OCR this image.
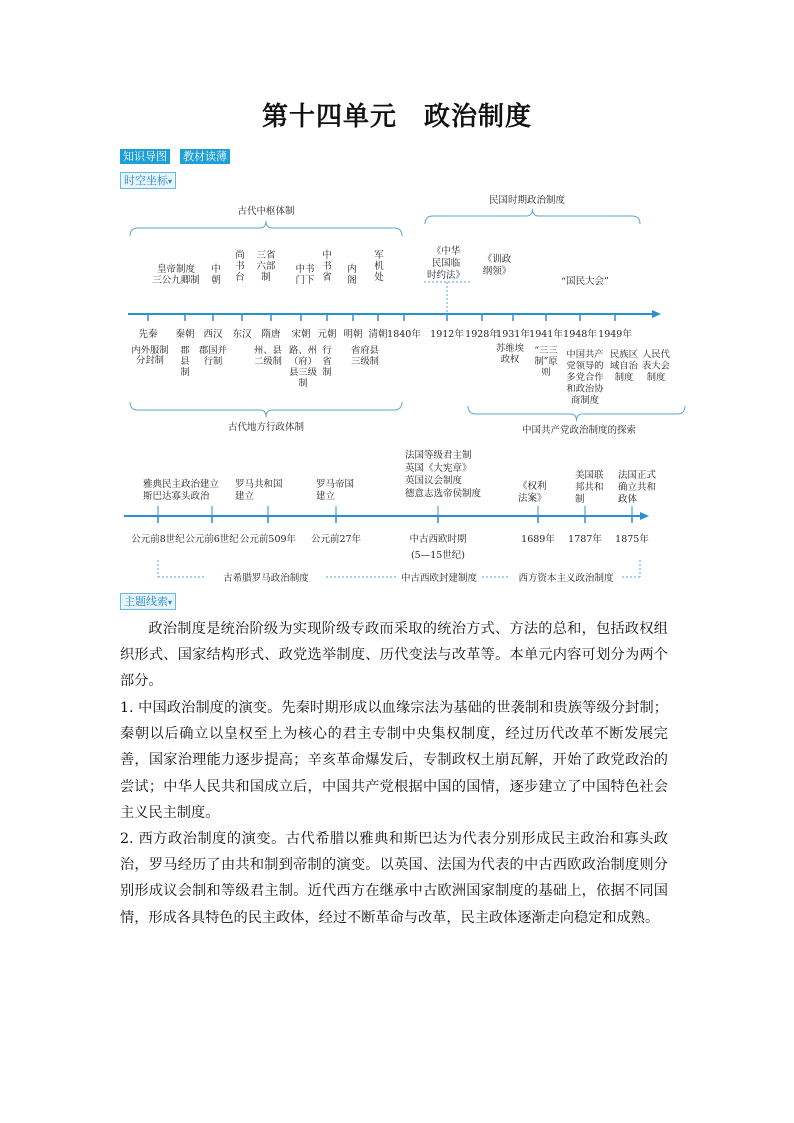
第十四单元　政治制度
知识导图 教材读薄
时空坐标▾
先秦 秦朝 西汉 东汉 隋唐 宋朝 元朝 明朝 清朝 1840年 1912年 1928年
1931年 1941年 1948年 1949年
古代中枢体制
民国时期政治制度
皇帝制度
三公九卿制
中
朝
尚
书
台
三省
六部
制
中书
门下
中
书
省
内
阁
军
机
处
《中华
民国临
时约法》
《训政
纲领》
“国民大会”
内外服制
分封制
郡
县
制
郡国并
行制
州、县
二级制
路、州
（府）
县三级
制
行
省
制
省府县
三级制
苏维埃
政权
“三三
制”原
则
中国共产
党领导的
多党合作
和政治协
商制度
民族区
域自治
制度
人民代
表大会
制度
古代地方行政体制	中国共产党政治制度的探索
公元前8世纪 公元前6世纪 公元前509年 公元前27年	中古西欧时期	1689年 1787年 1875年
(5—15世纪)
雅典民主政治建立
斯巴达寡头政治
罗马共和国
建立
罗马帝国
建立
法国等级君主制
英国《大宪章》
英国议会制度
德意志选帝侯制度
《权利
法案》
美国联
邦共和
制
法国正式
确立共和
政体
古希腊罗马政治制度	中古西欧封建制度	西方资本主义政治制度
主题线索▾
政治制度是统治阶级为实现阶级专政而采取的统治方式、方法的总和，包括政权组织形式、国家结构形式、政党选举制度、历代变法与改革等。本单元内容可划分为两个部分。
1. 中国政治制度的演变。先秦时期形成以血缘宗法为基础的世袭制和贵族等级分封制；秦朝以后确立以皇权至上为核心的君主专制中央集权制度，经过历代改革不断发展完善，国家治理能力逐步提高；辛亥革命爆发后，专制政权土崩瓦解，开始了政党政治的尝试；中华人民共和国成立后，中国共产党根据中国的国情，逐步建立了中国特色社会主义民主制度。
2. 西方政治制度的演变。古代希腊以雅典和斯巴达为代表分别形成民主政治和寡头政治，罗马经历了由共和制到帝制的演变。以英国、法国为代表的中古西欧政治制度则分别形成议会制和等级君主制。近代西方在继承中古欧洲国家制度的基础上，依据不同国情，形成各具特色的民主政体，经过不断革命与改革，民主政体逐渐走向稳定和成熟。
